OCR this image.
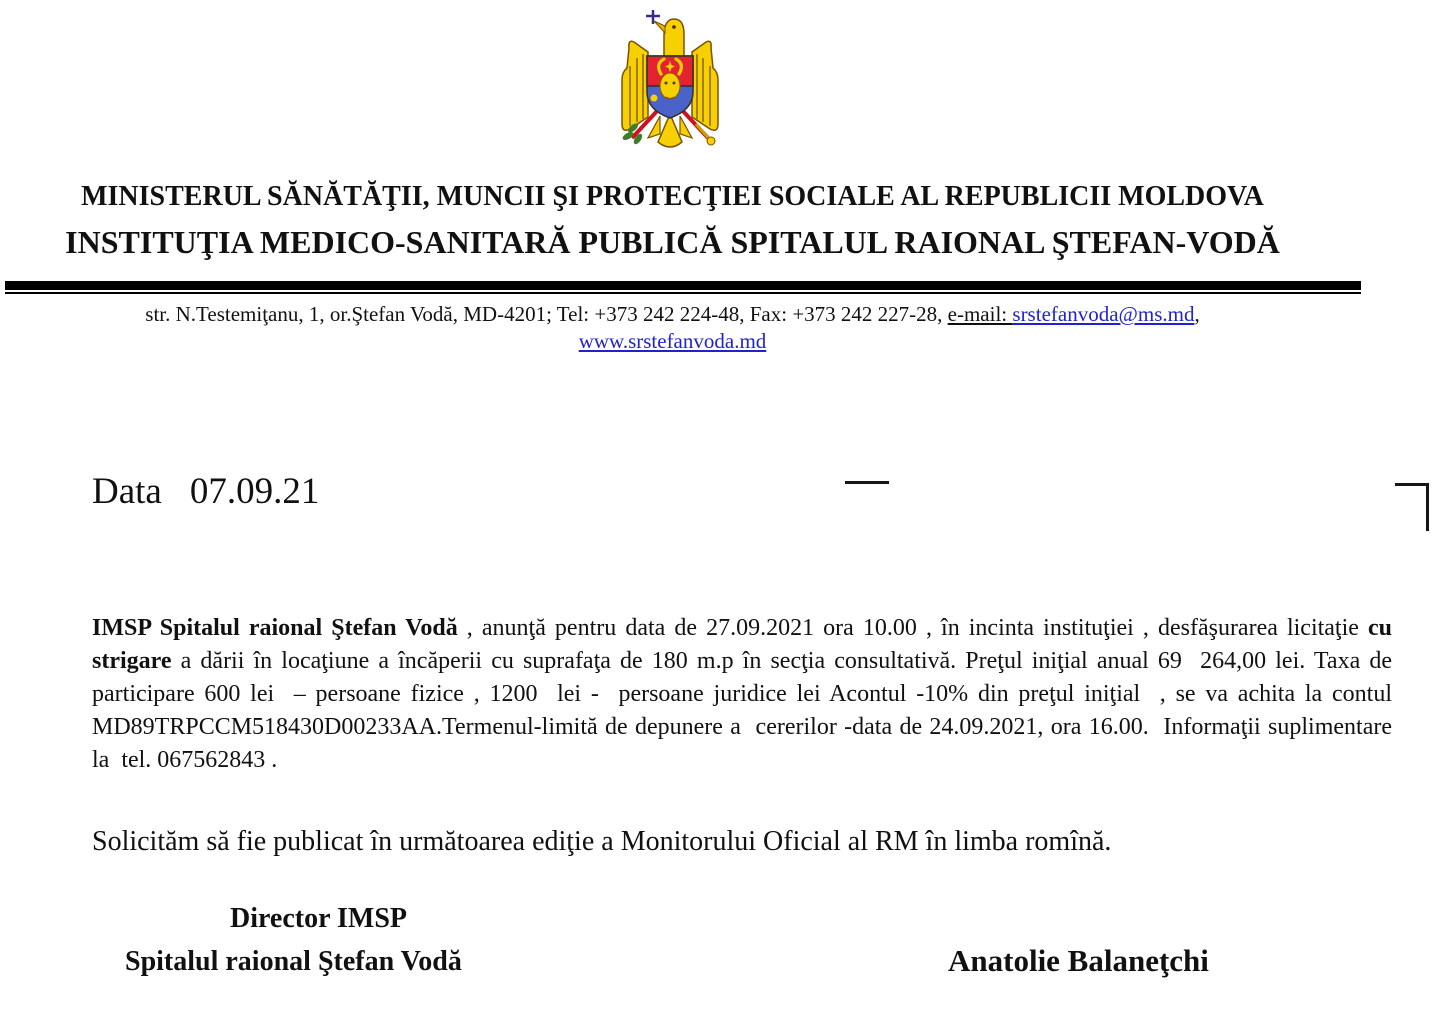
MINISTERUL SĂNĂTĂŢII, MUNCII ŞI PROTECŢIEI SOCIALE AL REPUBLICII MOLDOVA
INSTITUŢIA MEDICO-SANITARĂ PUBLICĂ SPITALUL RAIONAL ŞTEFAN-VODĂ
str. N.Testemiţanu, 1, or.Ştefan Vodă, MD-4201; Tel: +373 242 224-48, Fax: +373 242 227-28, e-mail: srstefanvoda@ms.md,
www.srstefanvoda.md
Data 07.09.21

IMSP Spitalul raional Ştefan Vodă , anunţă pentru data de 27.09.2021 ora 10.00 , în incinta instituţiei , desfăşurarea licitaţie cu strigare a dării în locaţiune a încăperii cu suprafaţa de 180 m.p în secţia consultativă. Preţul iniţial anual 69  264,00 lei. Taxa de participare 600 lei  – persoane fizice , 1200  lei -  persoane juridice lei Acontul -10% din preţul iniţial  , se va achita la contul MD89TRPCCM518430D00233AA.Termenul-limită de depunere a  cererilor -data de 24.09.2021, ora 16.00.  Informaţii suplimentare la  tel. 067562843 .

Solicităm să fie publicat în următoarea ediţie a Monitorului Oficial al RM în limba romînă.
Director IMSP
Spitalul raional Ştefan Vodă	Anatolie Balaneţchi
